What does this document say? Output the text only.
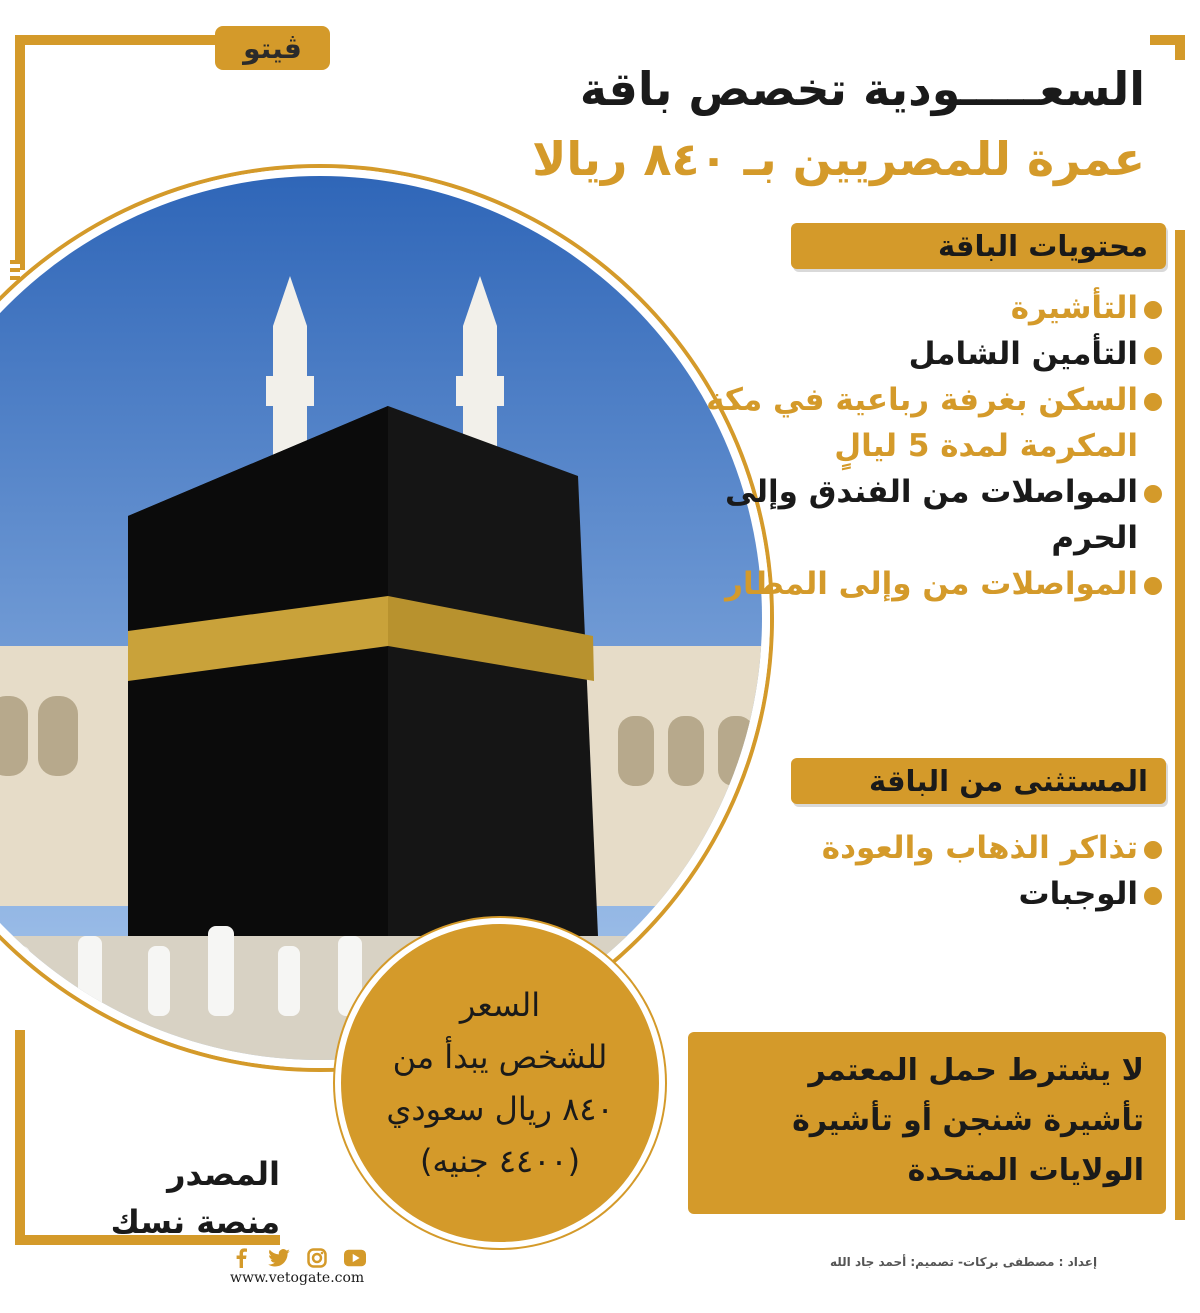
ڤيتو
السعـــــودية تخصص باقة
عمرة للمصريين بـ ٨٤٠ ريالا
محتويات الباقة
التأشيرة
التأمين الشامل
السكن بغرفة رباعية في مكة المكرمة لمدة 5 ليالٍ
المواصلات من الفندق وإلى الحرم
المواصلات من وإلى المطار
المستثنى من الباقة
تذاكر الذهاب والعودة
الوجبات
السعر
للشخص يبدأ من
٨٤٠ ريال سعودي
(٤٤٠٠ جنيه)
لا يشترط حمل المعتمر تأشيرة شنجن أو تأشيرة الولايات المتحدة
المصدر
منصة نسك
www.vetogate.com
إعداد : مصطفى بركات- تصميم: أحمد جاد الله
